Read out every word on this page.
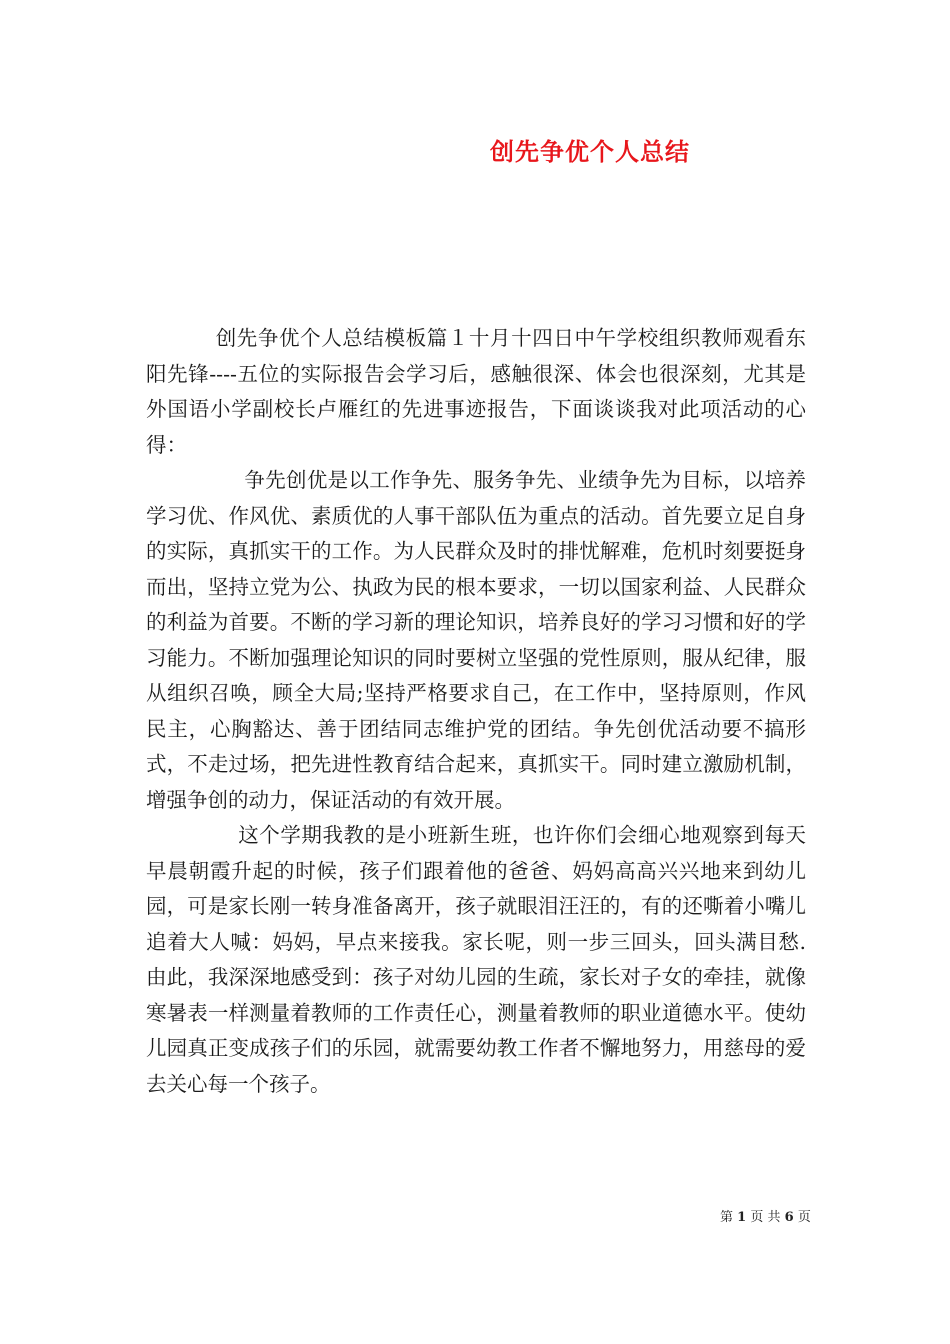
创先争优个人总结

创先争优个人总结模板篇１十月十四日中午学校组织教师观看东阳先锋----五位的实际报告会学习后，感触很深、体会也很深刻，尤其是外国语小学副校长卢雁红的先进事迹报告，下面谈谈我对此项活动的心得：

争先创优是以工作争先、服务争先、业绩争先为目标，以培养学习优、作风优、素质优的人事干部队伍为重点的活动。首先要立足自身的实际，真抓实干的工作。为人民群众及时的排忧解难，危机时刻要挺身而出，坚持立党为公、执政为民的根本要求，一切以国家利益、人民群众的利益为首要。不断的学习新的理论知识，培养良好的学习习惯和好的学习能力。不断加强理论知识的同时要树立坚强的党性原则，服从纪律，服从组织召唤，顾全大局;坚持严格要求自己，在工作中，坚持原则，作风民主，心胸豁达、善于团结同志维护党的团结。争先创优活动要不搞形式，不走过场，把先进性教育结合起来，真抓实干。同时建立激励机制，增强争创的动力，保证活动的有效开展。

这个学期我教的是小班新生班，也许你们会细心地观察到每天早晨朝霞升起的时候，孩子们跟着他的爸爸、妈妈高高兴兴地来到幼儿园，可是家长刚一转身准备离开，孩子就眼泪汪汪的，有的还嘶着小嘴儿追着大人喊：妈妈，早点来接我。家长呢，则一步三回头，回头满目愁. 由此，我深深地感受到：孩子对幼儿园的生疏，家长对子女的牵挂，就像寒暑表一样测量着教师的工作责任心，测量着教师的职业道德水平。使幼儿园真正变成孩子们的乐园，就需要幼教工作者不懈地努力，用慈母的爱去关心每一个孩子。

第 1 页 共 6 页
